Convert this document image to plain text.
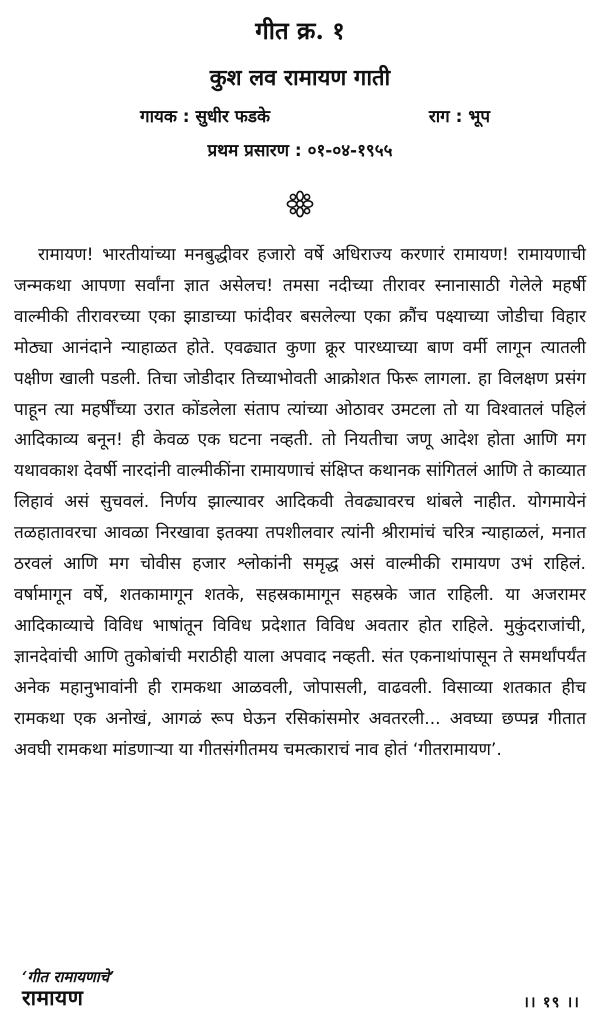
गीत क्र. १
कुश लव रामायण गाती
गायक : सुधीर फडके	राग : भूप
प्रथम प्रसारण : ०१-०४-१९५५

रामायण! भारतीयांच्या मनबुद्धीवर हजारो वर्षे अधिराज्य करणारं रामायण! रामायणाची जन्मकथा आपणा सर्वांना ज्ञात असेलच! तमसा नदीच्या तीरावर स्नानासाठी गेलेले महर्षी वाल्मीकी तीरावरच्या एका झाडाच्या फांदीवर बसलेल्या एका क्रौंच पक्ष्याच्या जोडीचा विहार मोठ्या आनंदाने न्याहाळत होते. एवढ्यात कुणा क्रूर पारध्याच्या बाण वर्मी लागून त्यातली पक्षीण खाली पडली. तिचा जोडीदार तिच्याभोवती आक्रोशत फिरू लागला. हा विलक्षण प्रसंग पाहून त्या महर्षींच्या उरात कोंडलेला संताप त्यांच्या ओठावर उमटला तो या विश्वातलं पहिलं आदिकाव्य बनून! ही केवळ एक घटना नव्हती. तो नियतीचा जणू आदेश होता आणि मग यथावकाश देवर्षी नारदांनी वाल्मीकींना रामायणाचं संक्षिप्त कथानक सांगितलं आणि ते काव्यात लिहावं असं सुचवलं. निर्णय झाल्यावर आदिकवी तेवढ्यावरच थांबले नाहीत. योगमायेनं तळहातावरचा आवळा निरखावा इतक्या तपशीलवार त्यांनी श्रीरामांचं चरित्र न्याहाळलं, मनात ठरवलं आणि मग चोवीस हजार श्लोकांनी समृद्ध असं वाल्मीकी रामायण उभं राहिलं. वर्षामागून वर्षे, शतकामागून शतके, सहस्रकामागून सहस्रके जात राहिली. या अजरामर आदिकाव्याचे विविध भाषांतून विविध प्रदेशात विविध अवतार होत राहिले. मुकुंदराजांची, ज्ञानदेवांची आणि तुकोबांची मराठीही याला अपवाद नव्हती. संत एकनाथांपासून ते समर्थांपर्यंत अनेक महानुभावांनी ही रामकथा आळवली, जोपासली, वाढवली. विसाव्या शतकात हीच रामकथा एक अनोखं, आगळं रूप घेऊन रसिकांसमोर अवतरली... अवघ्या छप्पन्न गीतात अवघी रामकथा मांडणाऱ्या या गीतसंगीतमय चमत्काराचं नाव होतं ‘गीतरामायण’.

‘गीत रामायणाचे’
रामायण	।। १९ ।।
